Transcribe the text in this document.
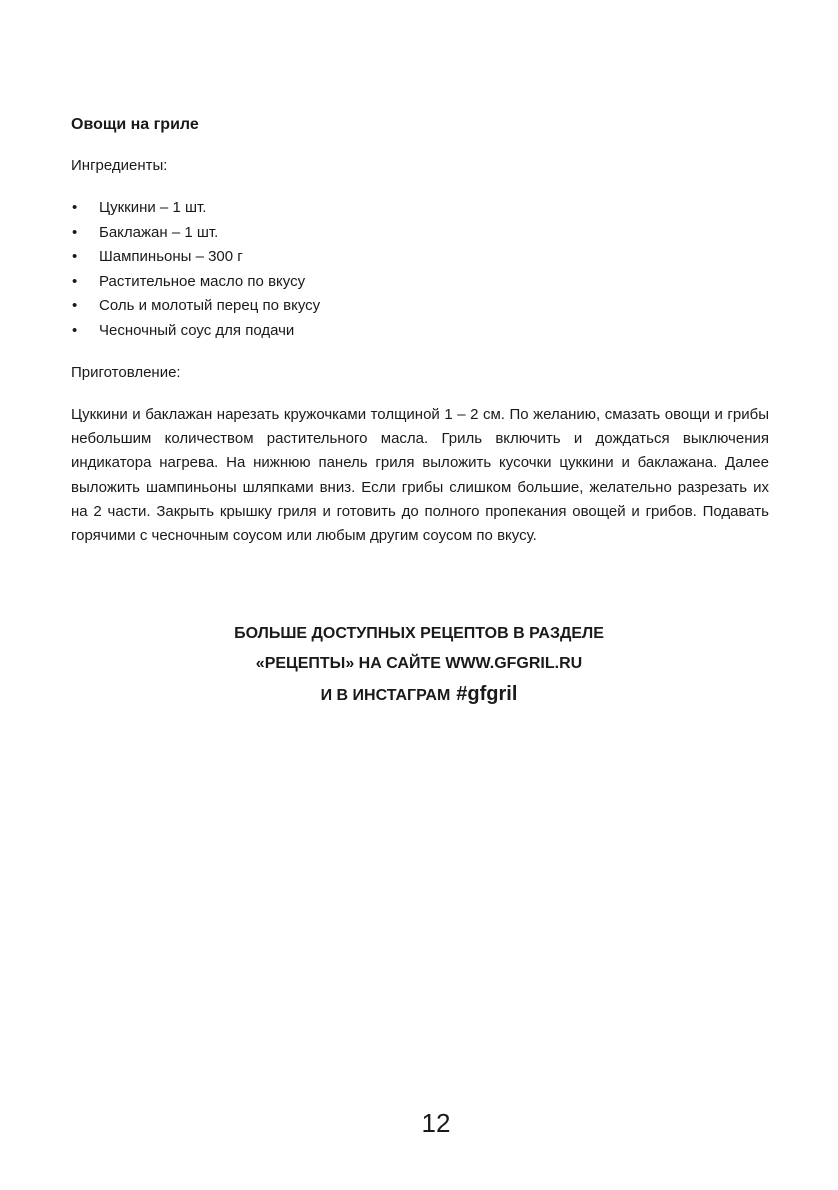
Овощи на гриле

Ингредиенты:

• Цуккини – 1 шт.
• Баклажан – 1 шт.
• Шампиньоны – 300 г
• Растительное масло по вкусу
• Соль и молотый перец по вкусу
• Чесночный соус для подачи

Приготовление:

Цуккини и баклажан нарезать кружочками толщиной 1 – 2 см. По желанию, смазать овощи и грибы небольшим количеством растительного масла. Гриль включить и дождаться выключения индикатора нагрева. На нижнюю панель гриля выложить кусочки цуккини и баклажана. Далее выложить шампиньоны шляпками вниз. Если грибы слишком большие, желательно разрезать их на 2 части. Закрыть крышку гриля и готовить до полного пропекания овощей и грибов. Подавать горячими с чесночным соусом или любым другим соусом по вкусу.

БОЛЬШЕ ДОСТУПНЫХ РЕЦЕПТОВ В РАЗДЕЛЕ
«РЕЦЕПТЫ» НА САЙТЕ WWW.GFGRIL.RU
И В ИНСТАГРАМ #gfgril
12
